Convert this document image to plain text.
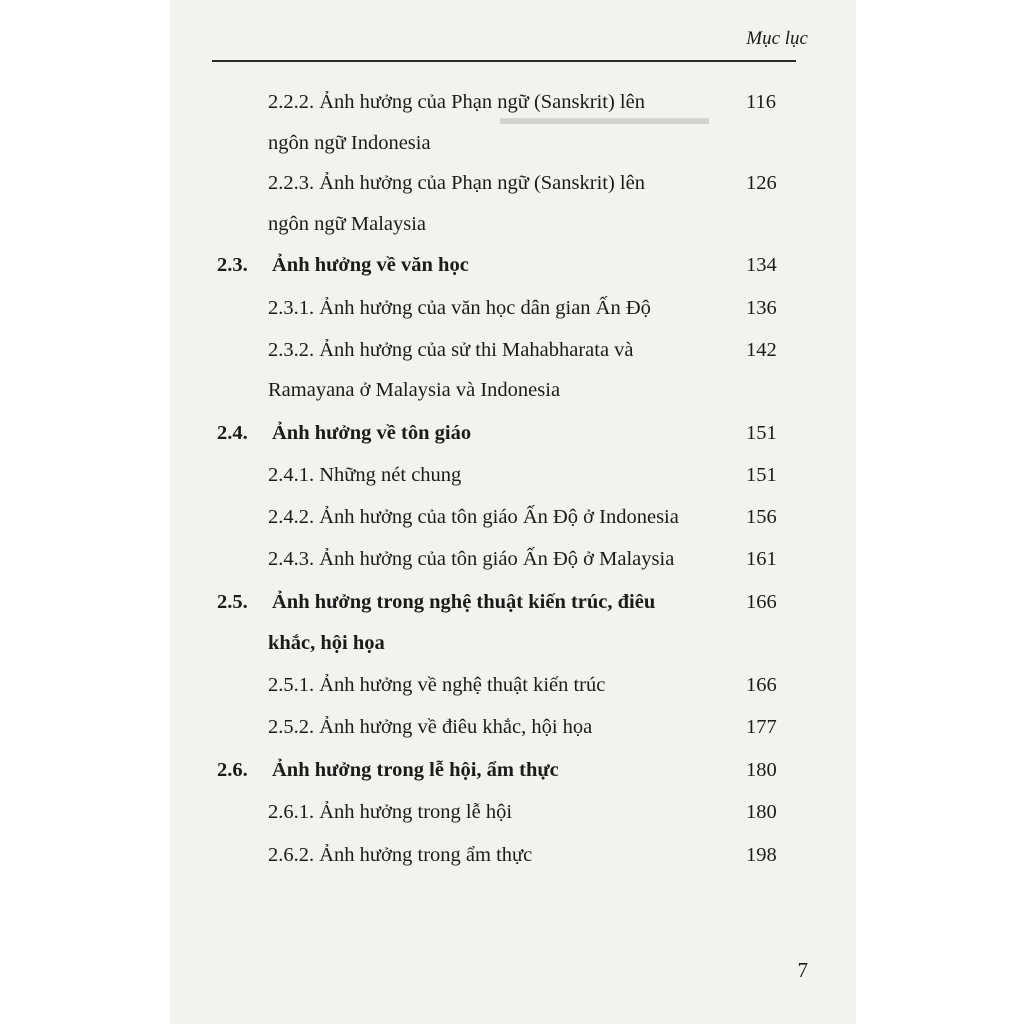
Mục lục
▬▬▬▬▬▬▬▬▬▬▬
2.2.2. Ảnh hưởng của Phạn ngữ (Sanskrit) lên	116
ngôn ngữ Indonesia
2.2.3. Ảnh hưởng của Phạn ngữ (Sanskrit) lên	126
ngôn ngữ Malaysia
2.3. Ảnh hưởng về văn học	134
2.3.1. Ảnh hưởng của văn học dân gian Ấn Độ	136
2.3.2. Ảnh hưởng của sử thi Mahabharata và	142
Ramayana ở Malaysia và Indonesia
2.4. Ảnh hưởng về tôn giáo	151
2.4.1. Những nét chung	151
2.4.2. Ảnh hưởng của tôn giáo Ấn Độ ở Indonesia	156
2.4.3. Ảnh hưởng của tôn giáo Ấn Độ ở Malaysia	161
2.5. Ảnh hưởng trong nghệ thuật kiến trúc, điêu	166
khắc, hội họa
2.5.1. Ảnh hưởng về nghệ thuật kiến trúc	166
2.5.2. Ảnh hưởng về điêu khắc, hội họa	177
2.6. Ảnh hưởng trong lễ hội, ẩm thực	180
2.6.1. Ảnh hưởng trong lễ hội	180
2.6.2. Ảnh hưởng trong ẩm thực	198
7
